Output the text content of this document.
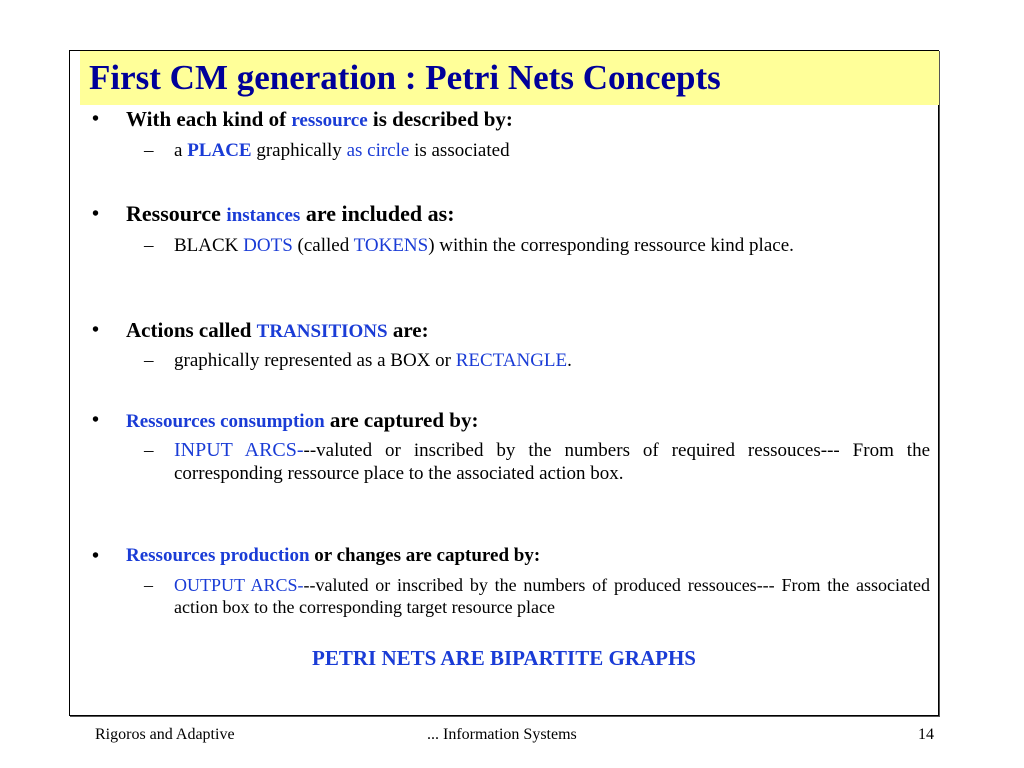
First CM generation : Petri Nets Concepts
• With each kind of ressource is described by:
– a PLACE graphically as circle is associated
• Ressource instances are included as:
– BLACK DOTS (called TOKENS) within the corresponding ressource kind place.
• Actions called TRANSITIONS are:
– graphically represented as a BOX or RECTANGLE.
• Ressources consumption are captured by:
– INPUT ARCS---valuted or inscribed by the numbers of required ressouces--- From the corresponding ressource place to the associated action box.
• Ressources production or changes are captured by:
– OUTPUT ARCS---valuted or inscribed by the numbers of produced ressouces--- From the associated action box to the corresponding target resource place
PETRI NETS ARE BIPARTITE GRAPHS
Rigoros and Adaptive	... Information Systems	14
